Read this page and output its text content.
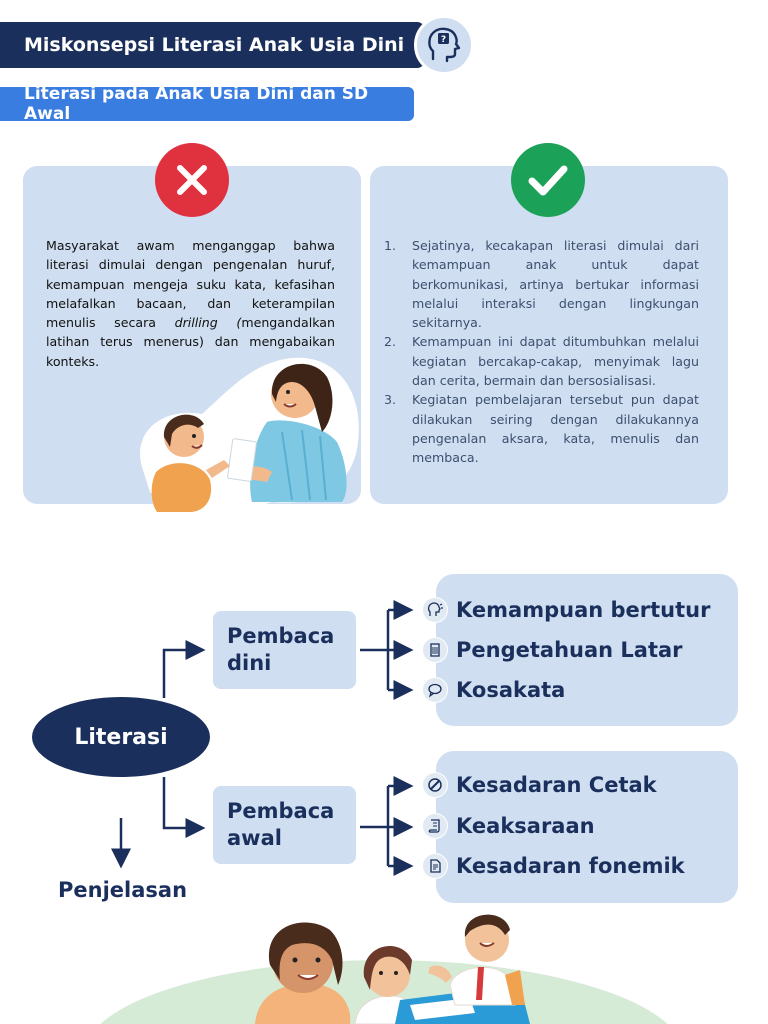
Miskonsepsi Literasi Anak Usia Dini	?
Literasi pada Anak Usia Dini dan SD Awal

Masyarakat awam menganggap bahwa literasi dimulai dengan pengenalan huruf, kemampuan mengeja suku kata, kefasihan melafalkan bacaan, dan keterampilan menulis secara drilling (mengandalkan latihan terus menerus) dan mengabaikan konteks.

1.	Sejatinya, kecakapan literasi dimulai dari kemampuan anak untuk dapat berkomunikasi, artinya bertukar informasi melalui interaksi dengan lingkungan sekitarnya.
2.	Kemampuan ini dapat ditumbuhkan melalui kegiatan bercakap-cakap, menyimak lagu dan cerita, bermain dan bersosialisasi.
3.	Kegiatan pembelajaran tersebut pun dapat dilakukan seiring dengan dilakukannya pengenalan aksara, kata, menulis dan membaca.
Literasi
Pembaca dini
Pembaca awal
Kemampuan bertutur
Pengetahuan Latar
Kosakata
Kesadaran Cetak
Keaksaraan
Kesadaran fonemik
Penjelasan
